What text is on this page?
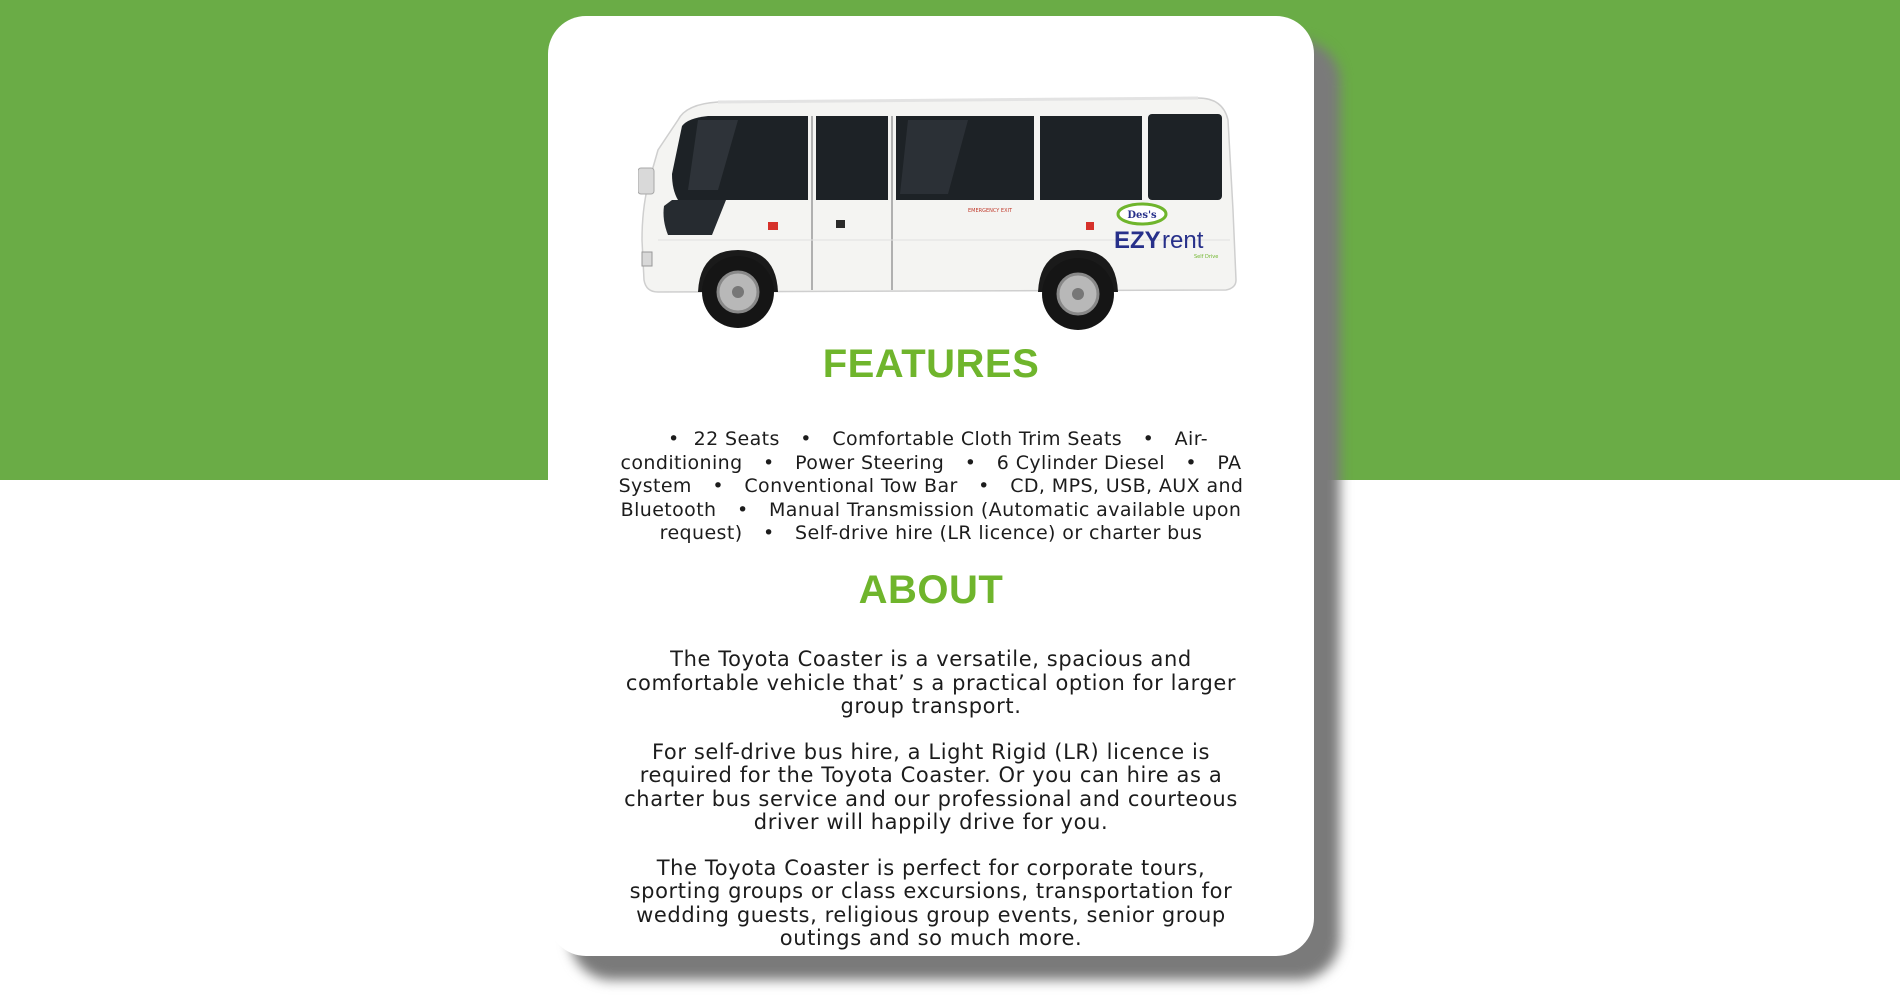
EMERGENCY EXIT	Des's
EZY rent
Self Drive
FEATURES
• 22 Seats • Comfortable Cloth Trim Seats • Air-conditioning • Power Steering • 6 Cylinder Diesel • PA System • Conventional Tow Bar • CD, MPS, USB, AUX and Bluetooth • Manual Transmission (Automatic available upon request) • Self-drive hire (LR licence) or charter bus
ABOUT

The Toyota Coaster is a versatile, spacious and comfortable vehicle that’ s a practical option for larger group transport.

For self-drive bus hire, a Light Rigid (LR) licence is required for the Toyota Coaster. Or you can hire as a charter bus service and our professional and courteous driver will happily drive for you.

The Toyota Coaster is perfect for corporate tours, sporting groups or class excursions, transportation for wedding guests, religious group events, senior group outings and so much more.
